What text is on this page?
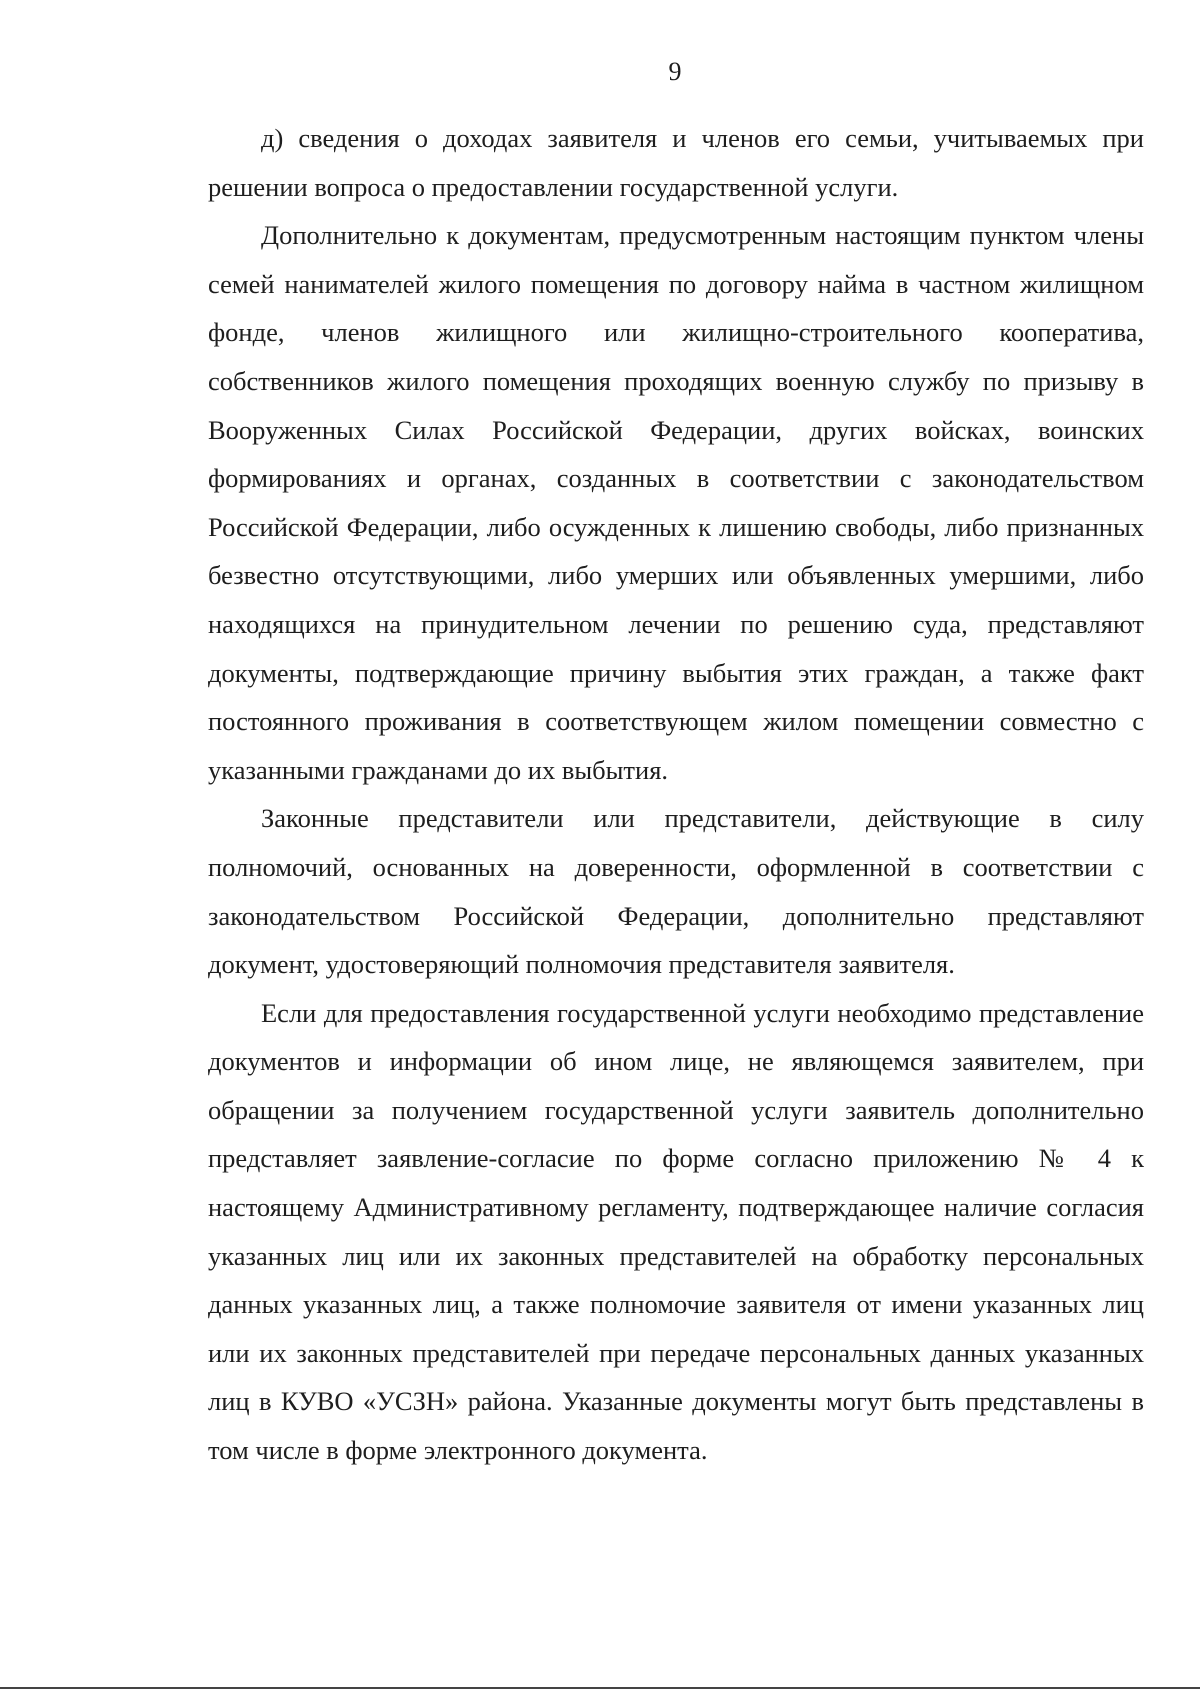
9

д) сведения о доходах заявителя и членов его семьи, учитываемых при решении вопроса о предоставлении государственной услуги.

Дополнительно к документам, предусмотренным настоящим пунктом члены семей нанимателей жилого помещения по договору найма в частном жилищном фонде, членов жилищного или жилищно-строительного кооператива, собственников жилого помещения проходящих военную службу по призыву в Вооруженных Силах Российской Федерации, других войсках, воинских формированиях и органах, созданных в соответствии с законодательством Российской Федерации, либо осужденных к лишению свободы, либо признанных безвестно отсутствующими, либо умерших или объявленных умершими, либо находящихся на принудительном лечении по решению суда, представляют документы, подтверждающие причину выбытия этих граждан, а также факт постоянного проживания в соответствующем жилом помещении совместно с указанными гражданами до их выбытия.

Законные представители или представители, действующие в силу полномочий, основанных на доверенности, оформленной в соответствии с законодательством Российской Федерации, дополнительно представляют документ, удостоверяющий полномочия представителя заявителя.

Если для предоставления государственной услуги необходимо представление документов и информации об ином лице, не являющемся заявителем, при обращении за получением государственной услуги заявитель дополнительно представляет заявление-согласие по форме согласно приложению № 4 к настоящему Административному регламенту, подтверждающее наличие согласия указанных лиц или их законных представителей на обработку персональных данных указанных лиц, а также полномочие заявителя от имени указанных лиц или их законных представителей при передаче персональных данных указанных лиц в КУВО «УСЗН» района. Указанные документы могут быть представлены в том числе в форме электронного документа.
